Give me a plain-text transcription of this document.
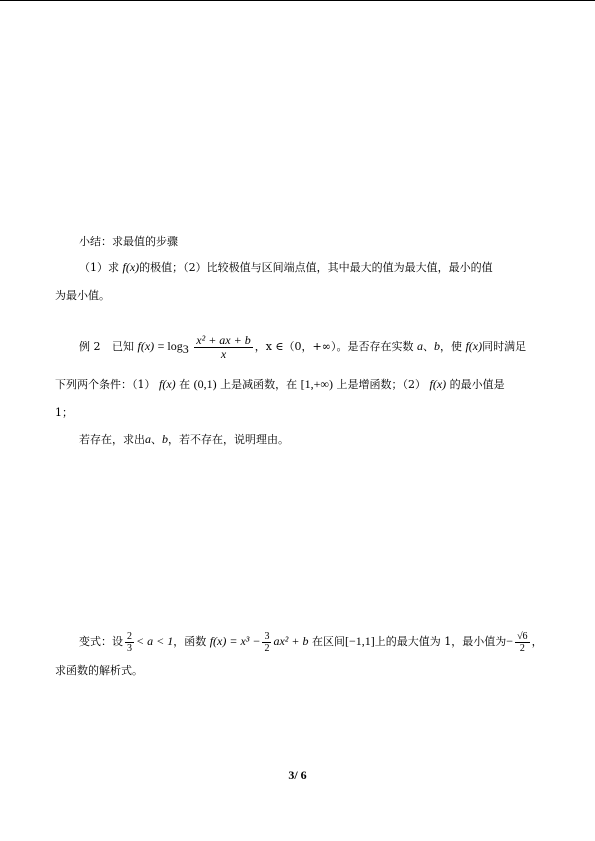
小结：求最值的步骤
（1）求 f(x)的极值；（2）比较极值与区间端点值，其中最大的值为最大值，最小的值
为最小值。
例 2 已知 $f(x) = \log_3 \frac{\text{x² + ax + b}}{x}$ ，x ∈（0，+∞）。是否存在实数 a、b，使 f(x)同时满足
下列两个条件：（1） f(x) 在 (0,1) 上是减函数，在 [1,+∞) 上是增函数；（2） f(x) 的最小值是
1；
若存在，求出a、b，若不存在，说明理由。
变式：设 $\frac{2}{3} < a < 1$，函数 $f(x) = x^3 - \frac{3}{2} ax^2 + b$ 在区间[−1,1]上的最大值为 1，最小值为− $\frac{√6}{2}$ ，
求函数的解析式。
3/ 6
